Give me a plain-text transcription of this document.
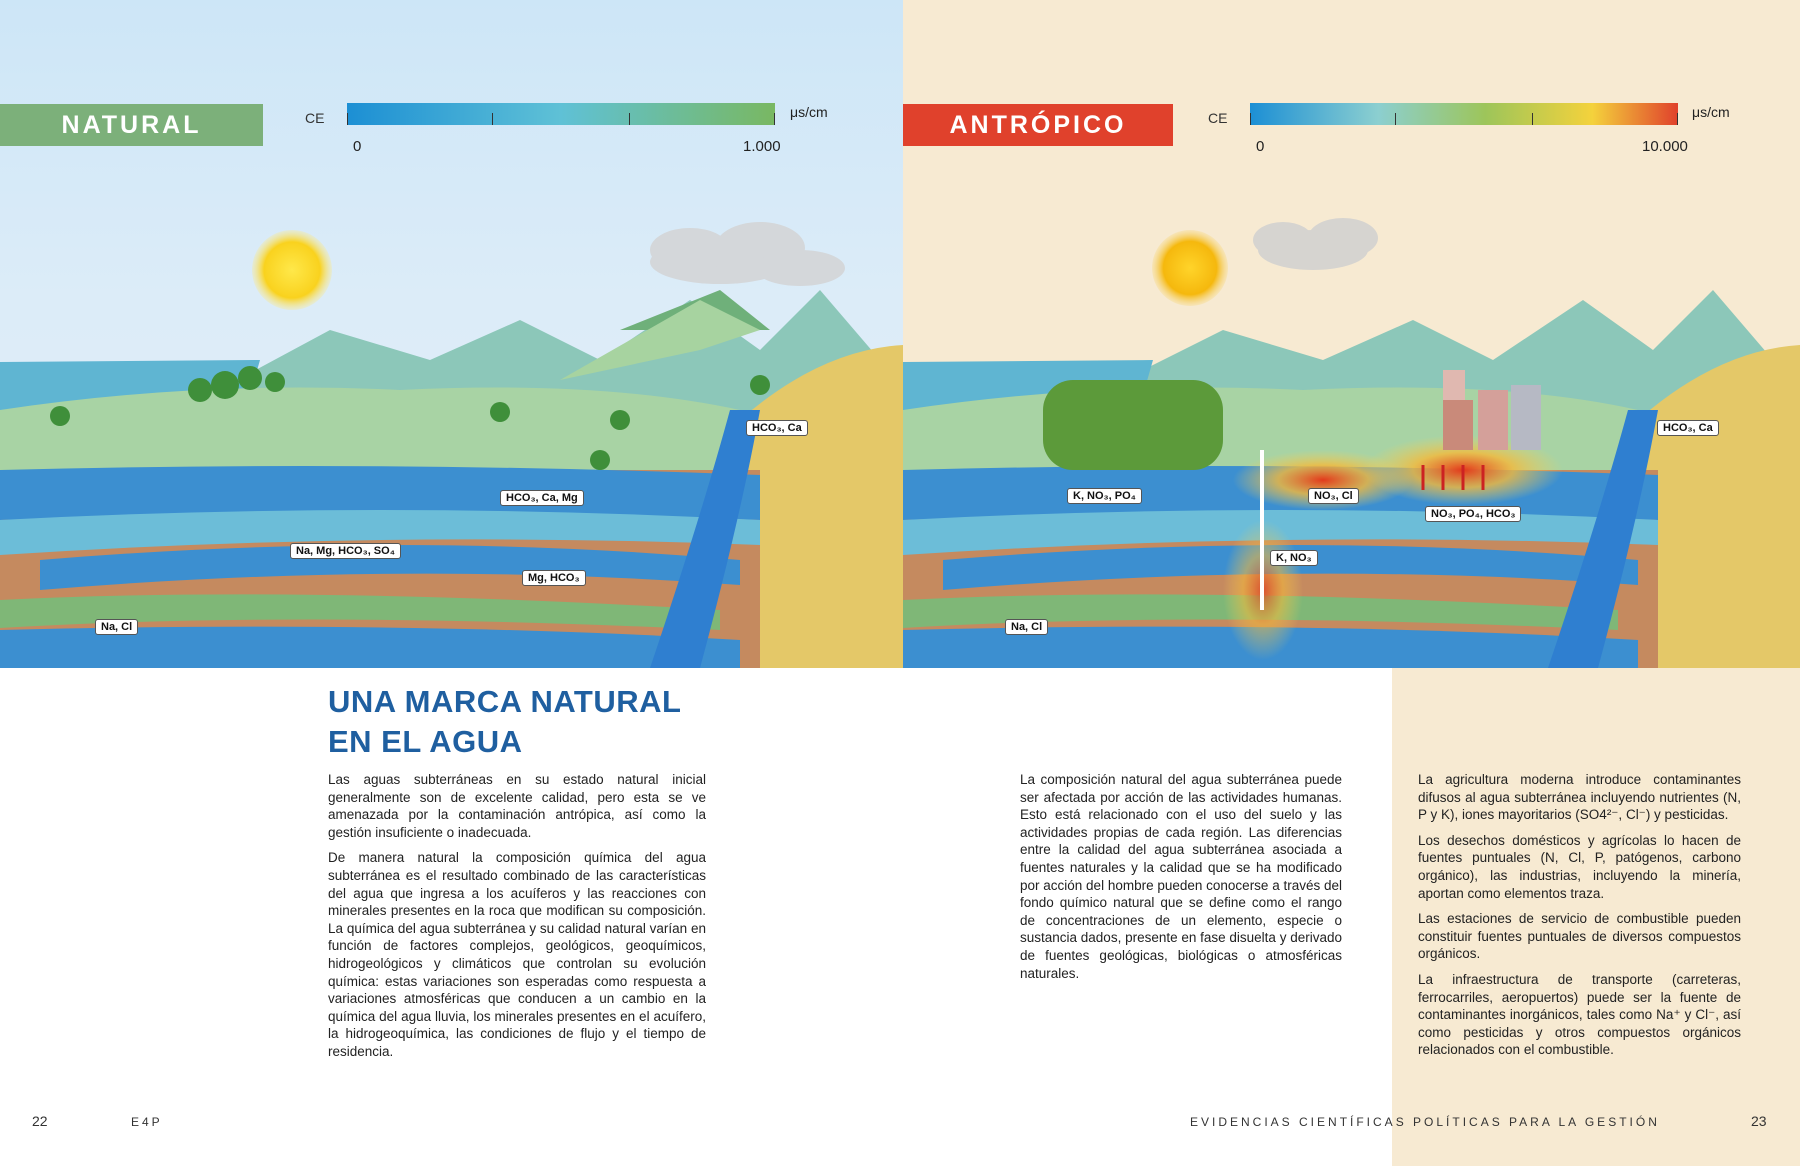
NATURAL	ANTRÓPICO
CE	μs/cm
0	1.000
CE	μs/cm
0	10.000
HCO₃, Ca
HCO₃, Ca, Mg
Na, Mg, HCO₃, SO₄
Mg, HCO₃
Na, Cl
HCO₃, Ca
K, NO₃, PO₄	NO₃, Cl
NO₃, PO₄, HCO₃
K, NO₃
Na, Cl
UNA MARCA NATURAL
EN EL AGUA

Las aguas subterráneas en su estado natural inicial generalmente son de excelente calidad, pero esta se ve amenazada por la contaminación antrópica, así como la gestión insuficiente o inadecuada.

De manera natural la composición química del agua subterránea es el resultado combinado de las características del agua que ingresa a los acuíferos y las reacciones con minerales presentes en la roca que modifican su composición. La química del agua subterránea y su calidad natural varían en función de factores complejos, geológicos, geoquímicos, hidrogeológicos y climáticos que controlan su evolución química: estas variaciones son esperadas como respuesta a variaciones atmosféricas que conducen a un cambio en la química del agua lluvia, los minerales presentes en el acuífero, la hidrogeoquímica, las condiciones de flujo y el tiempo de residencia.

La composición natural del agua subterránea puede ser afectada por acción de las actividades humanas. Esto está relacionado con el uso del suelo y las actividades propias de cada región. Las diferencias entre la calidad del agua subterránea asociada a fuentes naturales y la calidad que se ha modificado por acción del hombre pueden conocerse a través del fondo químico natural que se define como el rango de concentraciones de un elemento, especie o sustancia dados, presente en fase disuelta y derivado de fuentes geológicas, biológicas o atmosféricas naturales.

La agricultura moderna introduce contaminantes difusos al agua subterránea incluyendo nutrientes (N, P y K), iones mayoritarios (SO4²⁻, Cl⁻) y pesticidas.

Los desechos domésticos y agrícolas lo hacen de fuentes puntuales (N, Cl, P, patógenos, carbono orgánico), las industrias, incluyendo la minería, aportan como elementos traza.

Las estaciones de servicio de combustible pueden constituir fuentes puntuales de diversos compuestos orgánicos.

La infraestructura de transporte (carreteras, ferrocarriles, aeropuertos) puede ser la fuente de contaminantes inorgánicos, tales como Na⁺ y Cl⁻, así como pesticidas y otros compuestos orgánicos relacionados con el combustible.

22	E4P	EVIDENCIAS CIENTÍFICAS POLÍTICAS PARA LA GESTIÓN	23
